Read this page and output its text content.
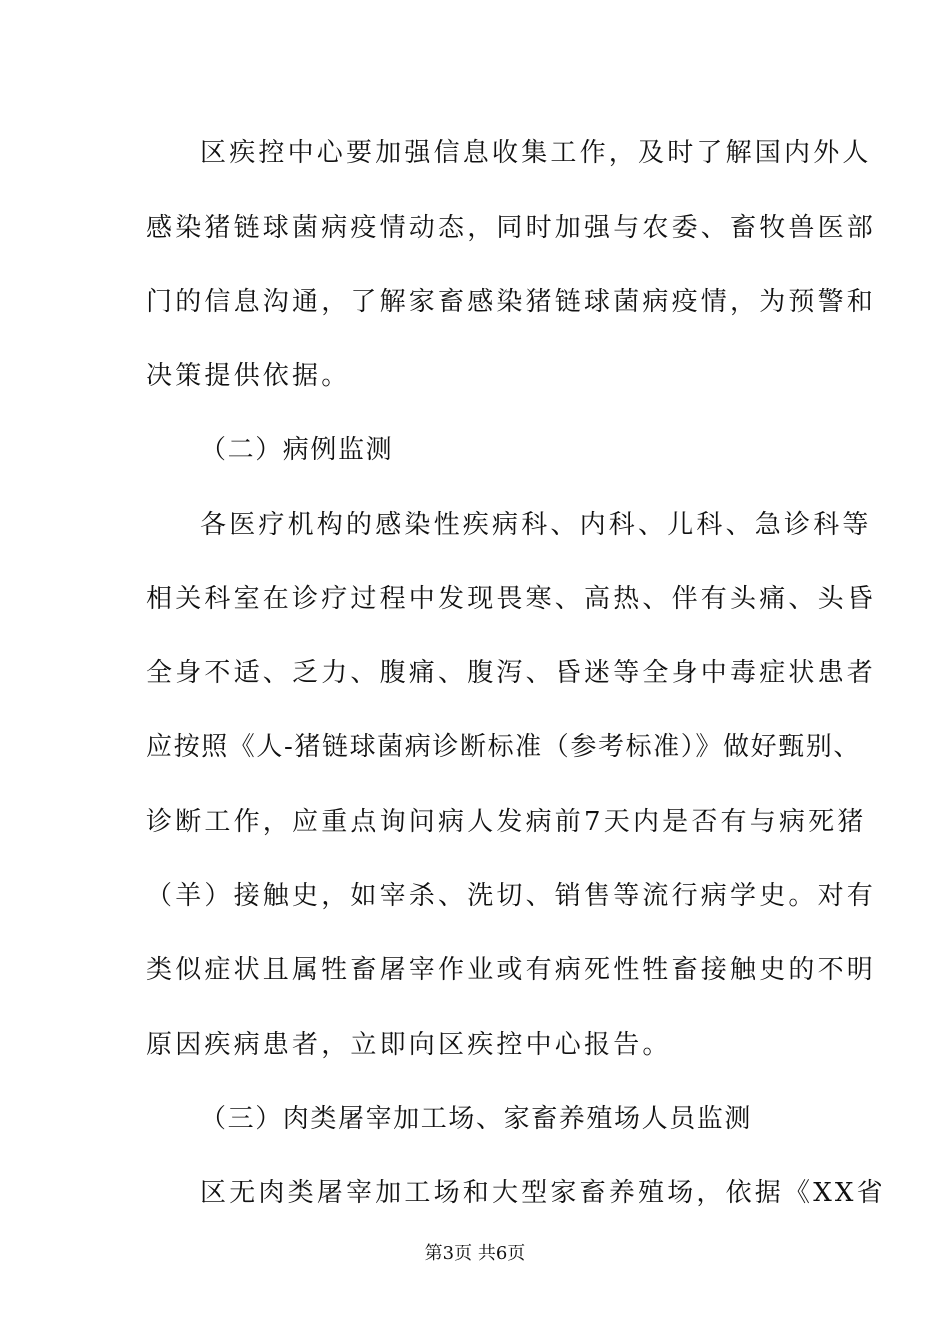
区疾控中心要加强信息收集工作，及时了解国内外人
感染猪链球菌病疫情动态，同时加强与农委、畜牧兽医部
门的信息沟通，了解家畜感染猪链球菌病疫情，为预警和
决策提供依据。
（二）病例监测
各医疗机构的感染性疾病科、内科、儿科、急诊科等
相关科室在诊疗过程中发现畏寒、高热、伴有头痛、头昏
全身不适、乏力、腹痛、腹泻、昏迷等全身中毒症状患者
应按照《人-猪链球菌病诊断标准（参考标准）》做好甄别、
诊断工作，应重点询问病人发病前7天内是否有与病死猪
（羊）接触史，如宰杀、洗切、销售等流行病学史。对有
类似症状且属牲畜屠宰作业或有病死性牲畜接触史的不明
原因疾病患者，立即向区疾控中心报告。
（三）肉类屠宰加工场、家畜养殖场人员监测
区无肉类屠宰加工场和大型家畜养殖场，依据《XX省
第3页 共6页
